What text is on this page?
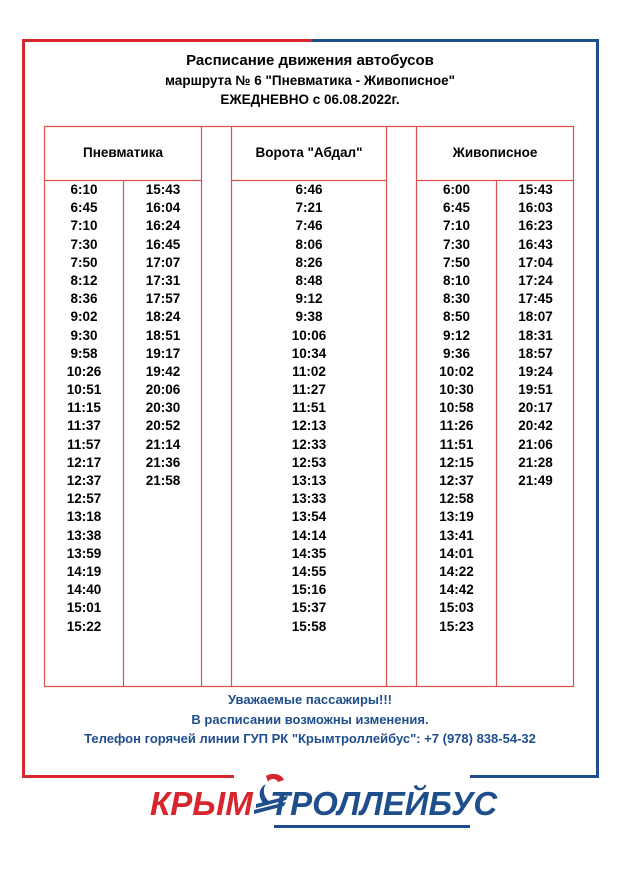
Расписание движения автобусов
маршрута № 6 "Пневматика - Живописное"
ЕЖЕДНЕВНО с 06.08.2022г.
Пневматика	Ворота "Абдал"	Живописное
6:10
6:45
7:10
7:30
7:50
8:12
8:36
9:02
9:30
9:58
10:26
10:51
11:15
11:37
11:57
12:17
12:37
12:57
13:18
13:38
13:59
14:19
14:40
15:01
15:22
15:43
16:04
16:24
16:45
17:07
17:31
17:57
18:24
18:51
19:17
19:42
20:06
20:30
20:52
21:14
21:36
21:58
6:46
7:21
7:46
8:06
8:26
8:48
9:12
9:38
10:06
10:34
11:02
11:27
11:51
12:13
12:33
12:53
13:13
13:33
13:54
14:14
14:35
14:55
15:16
15:37
15:58
6:00
6:45
7:10
7:30
7:50
8:10
8:30
8:50
9:12
9:36
10:02
10:30
10:58
11:26
11:51
12:15
12:37
12:58
13:19
13:41
14:01
14:22
14:42
15:03
15:23
15:43
16:03
16:23
16:43
17:04
17:24
17:45
18:07
18:31
18:57
19:24
19:51
20:17
20:42
21:06
21:28
21:49
Уважаемые пассажиры!!!
В расписании возможны изменения.
Телефон горячей линии ГУП РК "Крымтроллейбус": +7 (978) 838-54-32
КРЫМ ТРОЛЛЕЙБУС
